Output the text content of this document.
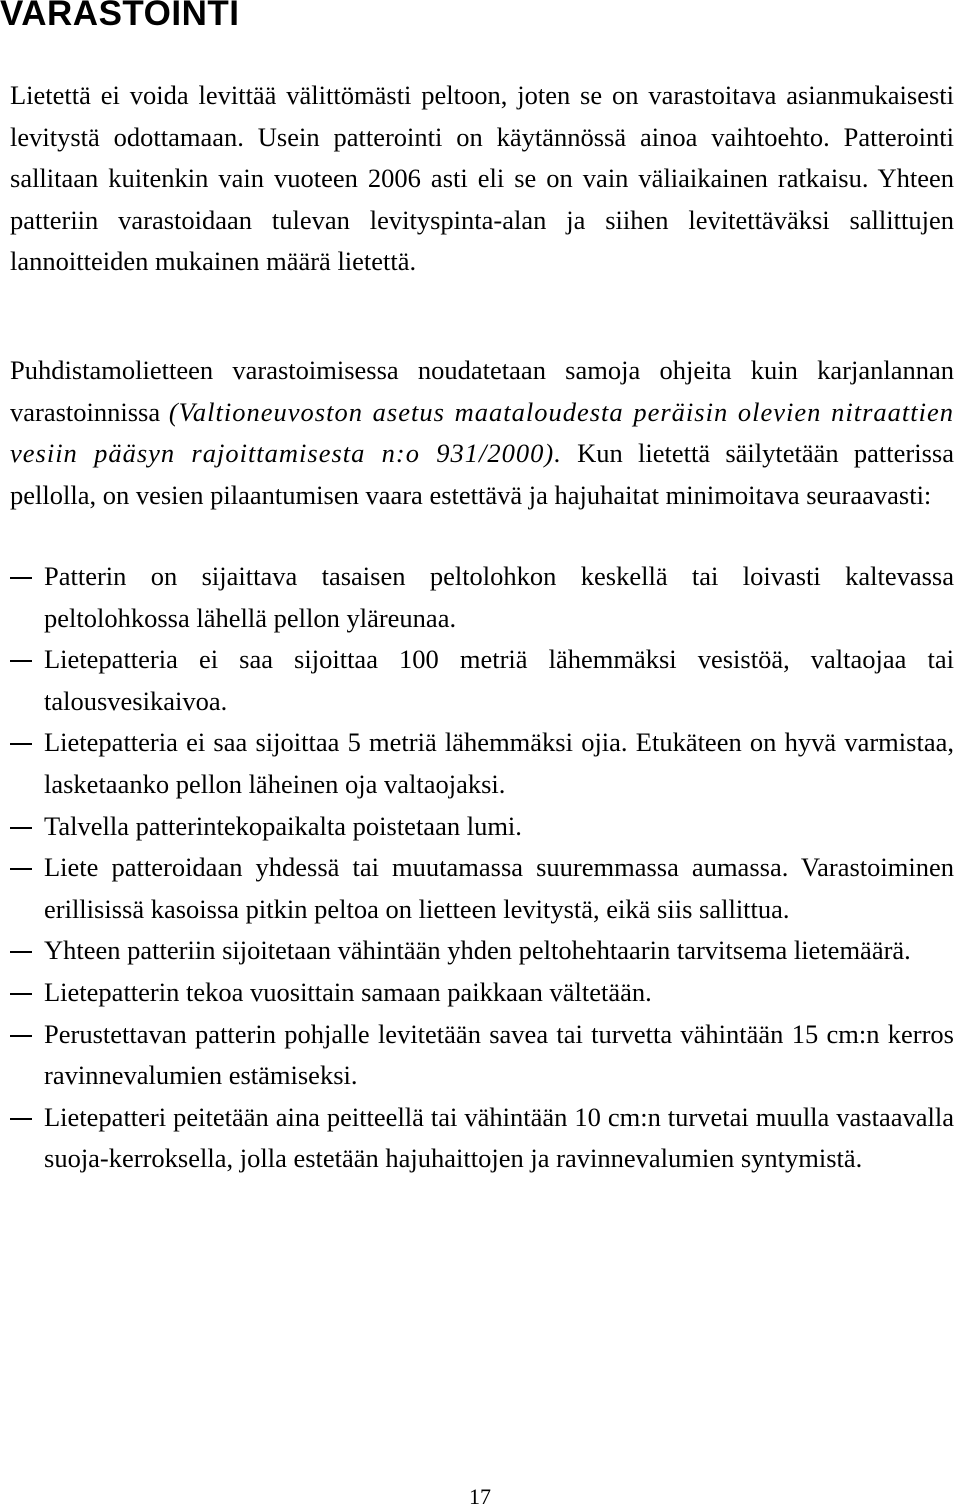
VARASTOINTI

Lietettä ei voida levittää välittömästi peltoon, joten se on varastoitava asianmukaisesti levitystä odottamaan. Usein patterointi on käytännössä ainoa vaihtoehto. Patterointi sallitaan kuitenkin vain vuoteen 2006 asti eli se on vain väliaikainen ratkaisu. Yhteen patteriin varastoidaan tulevan levityspinta-alan ja siihen levitettäväksi sallittujen lannoitteiden mukainen määrä lietettä.

Puhdistamolietteen varastoimisessa noudatetaan samoja ohjeita kuin karjanlannan varastoinnissa (Valtioneuvoston asetus maataloudesta peräisin olevien nitraattien vesiin pääsyn rajoittamisesta n:o 931/2000). Kun lietettä säilytetään patterissa pellolla, on vesien pilaantumisen vaara estettävä ja hajuhaitat minimoitava seuraavasti:

Patterin on sijaittava tasaisen peltolohkon keskellä tai loivasti kaltevassa peltolohkossa lähellä pellon yläreunaa.
Lietepatteria ei saa sijoittaa 100 metriä lähemmäksi vesistöä, valtaojaa tai talousvesikaivoa.
Lietepatteria ei saa sijoittaa 5 metriä lähemmäksi ojia. Etukäteen on hyvä varmistaa, lasketaanko pellon läheinen oja valtaojaksi.
Talvella patterintekopaikalta poistetaan lumi.
Liete patteroidaan yhdessä tai muutamassa suuremmassa aumassa. Varastoiminen erillisissä kasoissa pitkin peltoa on lietteen levitystä, eikä siis sallittua.
Yhteen patteriin sijoitetaan vähintään yhden peltohehtaarin tarvitsema lietemäärä.
Lietepatterin tekoa vuosittain samaan paikkaan vältetään.
Perustettavan patterin pohjalle levitetään savea tai turvetta vähintään 15 cm:n kerros ravinnevalumien estämiseksi.
Lietepatteri peitetään aina peitteellä tai vähintään 10 cm:n turvetai muulla vastaavalla suoja-kerroksella, jolla estetään hajuhaittojen ja ravinnevalumien syntymistä.
17
